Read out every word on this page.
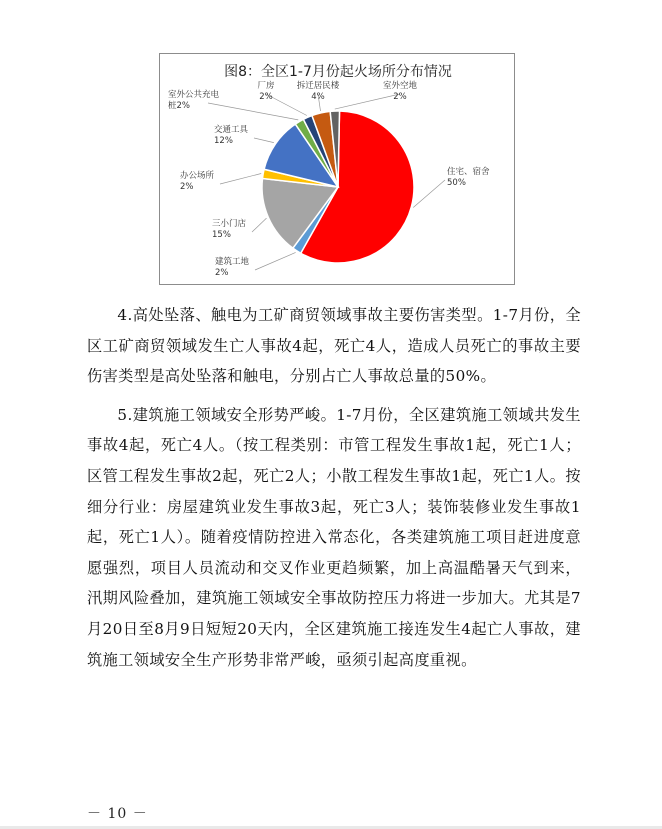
图8：全区1-7月份起火场所分布情况
住宅、宿舍
50%
建筑工地
2%
三小门店
15%
办公场所
2%
交通工具
12%
室外公共充电
桩2%
厂房
2%
拆迁居民楼
4%
室外空地
2%

4.高处坠落、触电为工矿商贸领域事故主要伤害类型。1-7月份，全区工矿商贸领域发生亡人事故4起，死亡4人，造成人员死亡的事故主要伤害类型是高处坠落和触电，分别占亡人事故总量的50%。

5.建筑施工领域安全形势严峻。1-7月份，全区建筑施工领域共发生事故4起，死亡4人。（按工程类别：市管工程发生事故1起，死亡1人；区管工程发生事故2起，死亡2人；小散工程发生事故1起，死亡1人。按细分行业：房屋建筑业发生事故3起，死亡3人；装饰装修业发生事故1起，死亡1人）。随着疫情防控进入常态化，各类建筑施工项目赶进度意愿强烈，项目人员流动和交叉作业更趋频繁，加上高温酷暑天气到来，汛期风险叠加，建筑施工领域安全事故防控压力将进一步加大。尤其是7月20日至8月9日短短20天内，全区建筑施工接连发生4起亡人事故，建筑施工领域安全生产形势非常严峻，亟须引起高度重视。

－ 10 －
